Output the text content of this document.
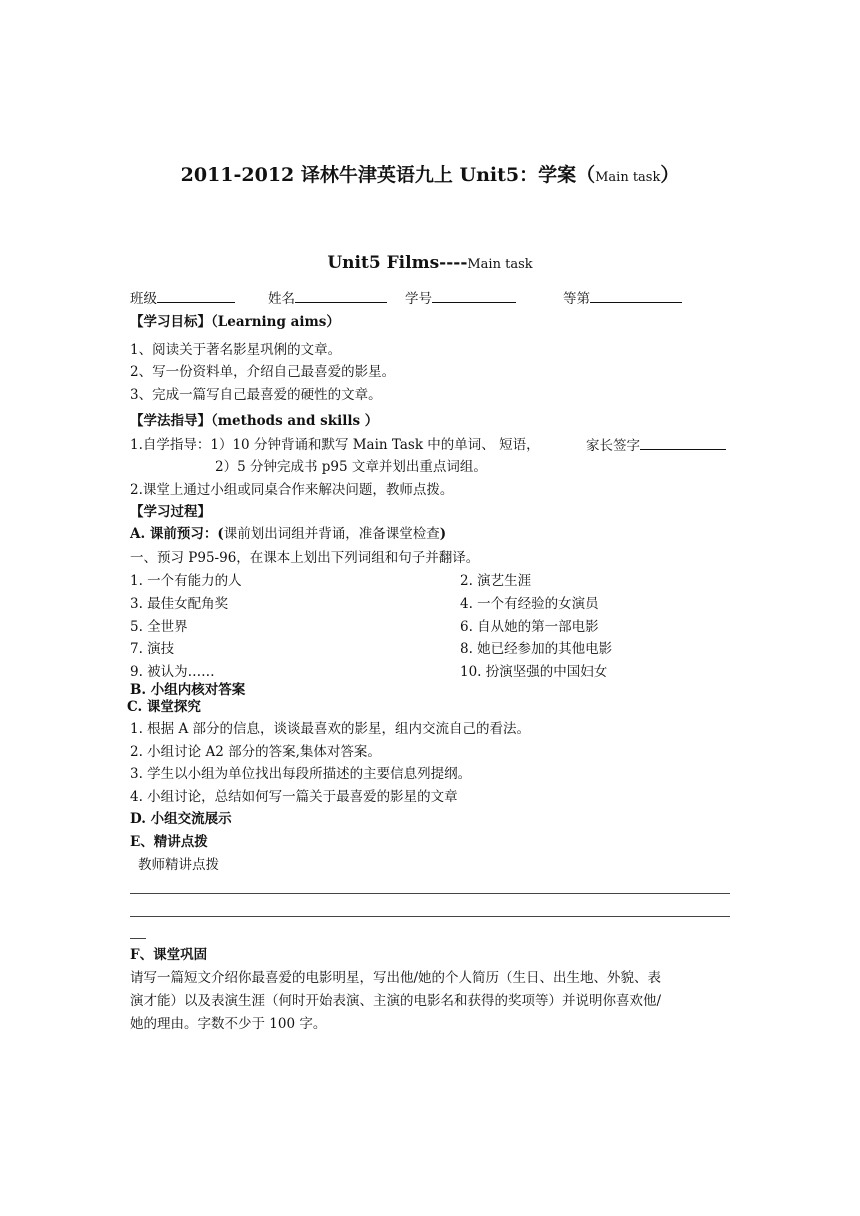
2011-2012 译林牛津英语九上 Unit5：学案（Main task）
Unit5 Films----Main task
班级	姓名	学号	等第
【学习目标】（Learning aims）
1、阅读关于著名影星巩俐的文章。
2、写一份资料单，介绍自己最喜爱的影星。
3、完成一篇写自己最喜爱的硬性的文章。
【学法指导】（methods and skills ）
1.自学指导：1）10 分钟背诵和默写 Main Task 中的单词、 短语，	家长签字
2）5 分钟完成书 p95 文章并划出重点词组。
2.课堂上通过小组或同桌合作来解决问题，教师点拨。
【学习过程】
A. 课前预习：(课前划出词组并背诵，准备课堂检查)
一、预习 P95-96，在课本上划出下列词组和句子并翻译。
1. 一个有能力的人	2. 演艺生涯
3. 最佳女配角奖	4. 一个有经验的女演员
5. 全世界	6. 自从她的第一部电影
7. 演技	8. 她已经参加的其他电影
9. 被认为……	10. 扮演坚强的中国妇女
B. 小组内核对答案
C. 课堂探究
1. 根据 A 部分的信息，谈谈最喜欢的影星，组内交流自己的看法。
2. 小组讨论 A2 部分的答案,集体对答案。
3. 学生以小组为单位找出每段所描述的主要信息列提纲。
4. 小组讨论，总结如何写一篇关于最喜爱的影星的文章
D. 小组交流展示
E、精讲点拨
教师精讲点拨
F、课堂巩固
请写一篇短文介绍你最喜爱的电影明星，写出他/她的个人简历（生日、出生地、外貌、表
演才能）以及表演生涯（何时开始表演、主演的电影名和获得的奖项等）并说明你喜欢他/
她的理由。字数不少于 100 字。
